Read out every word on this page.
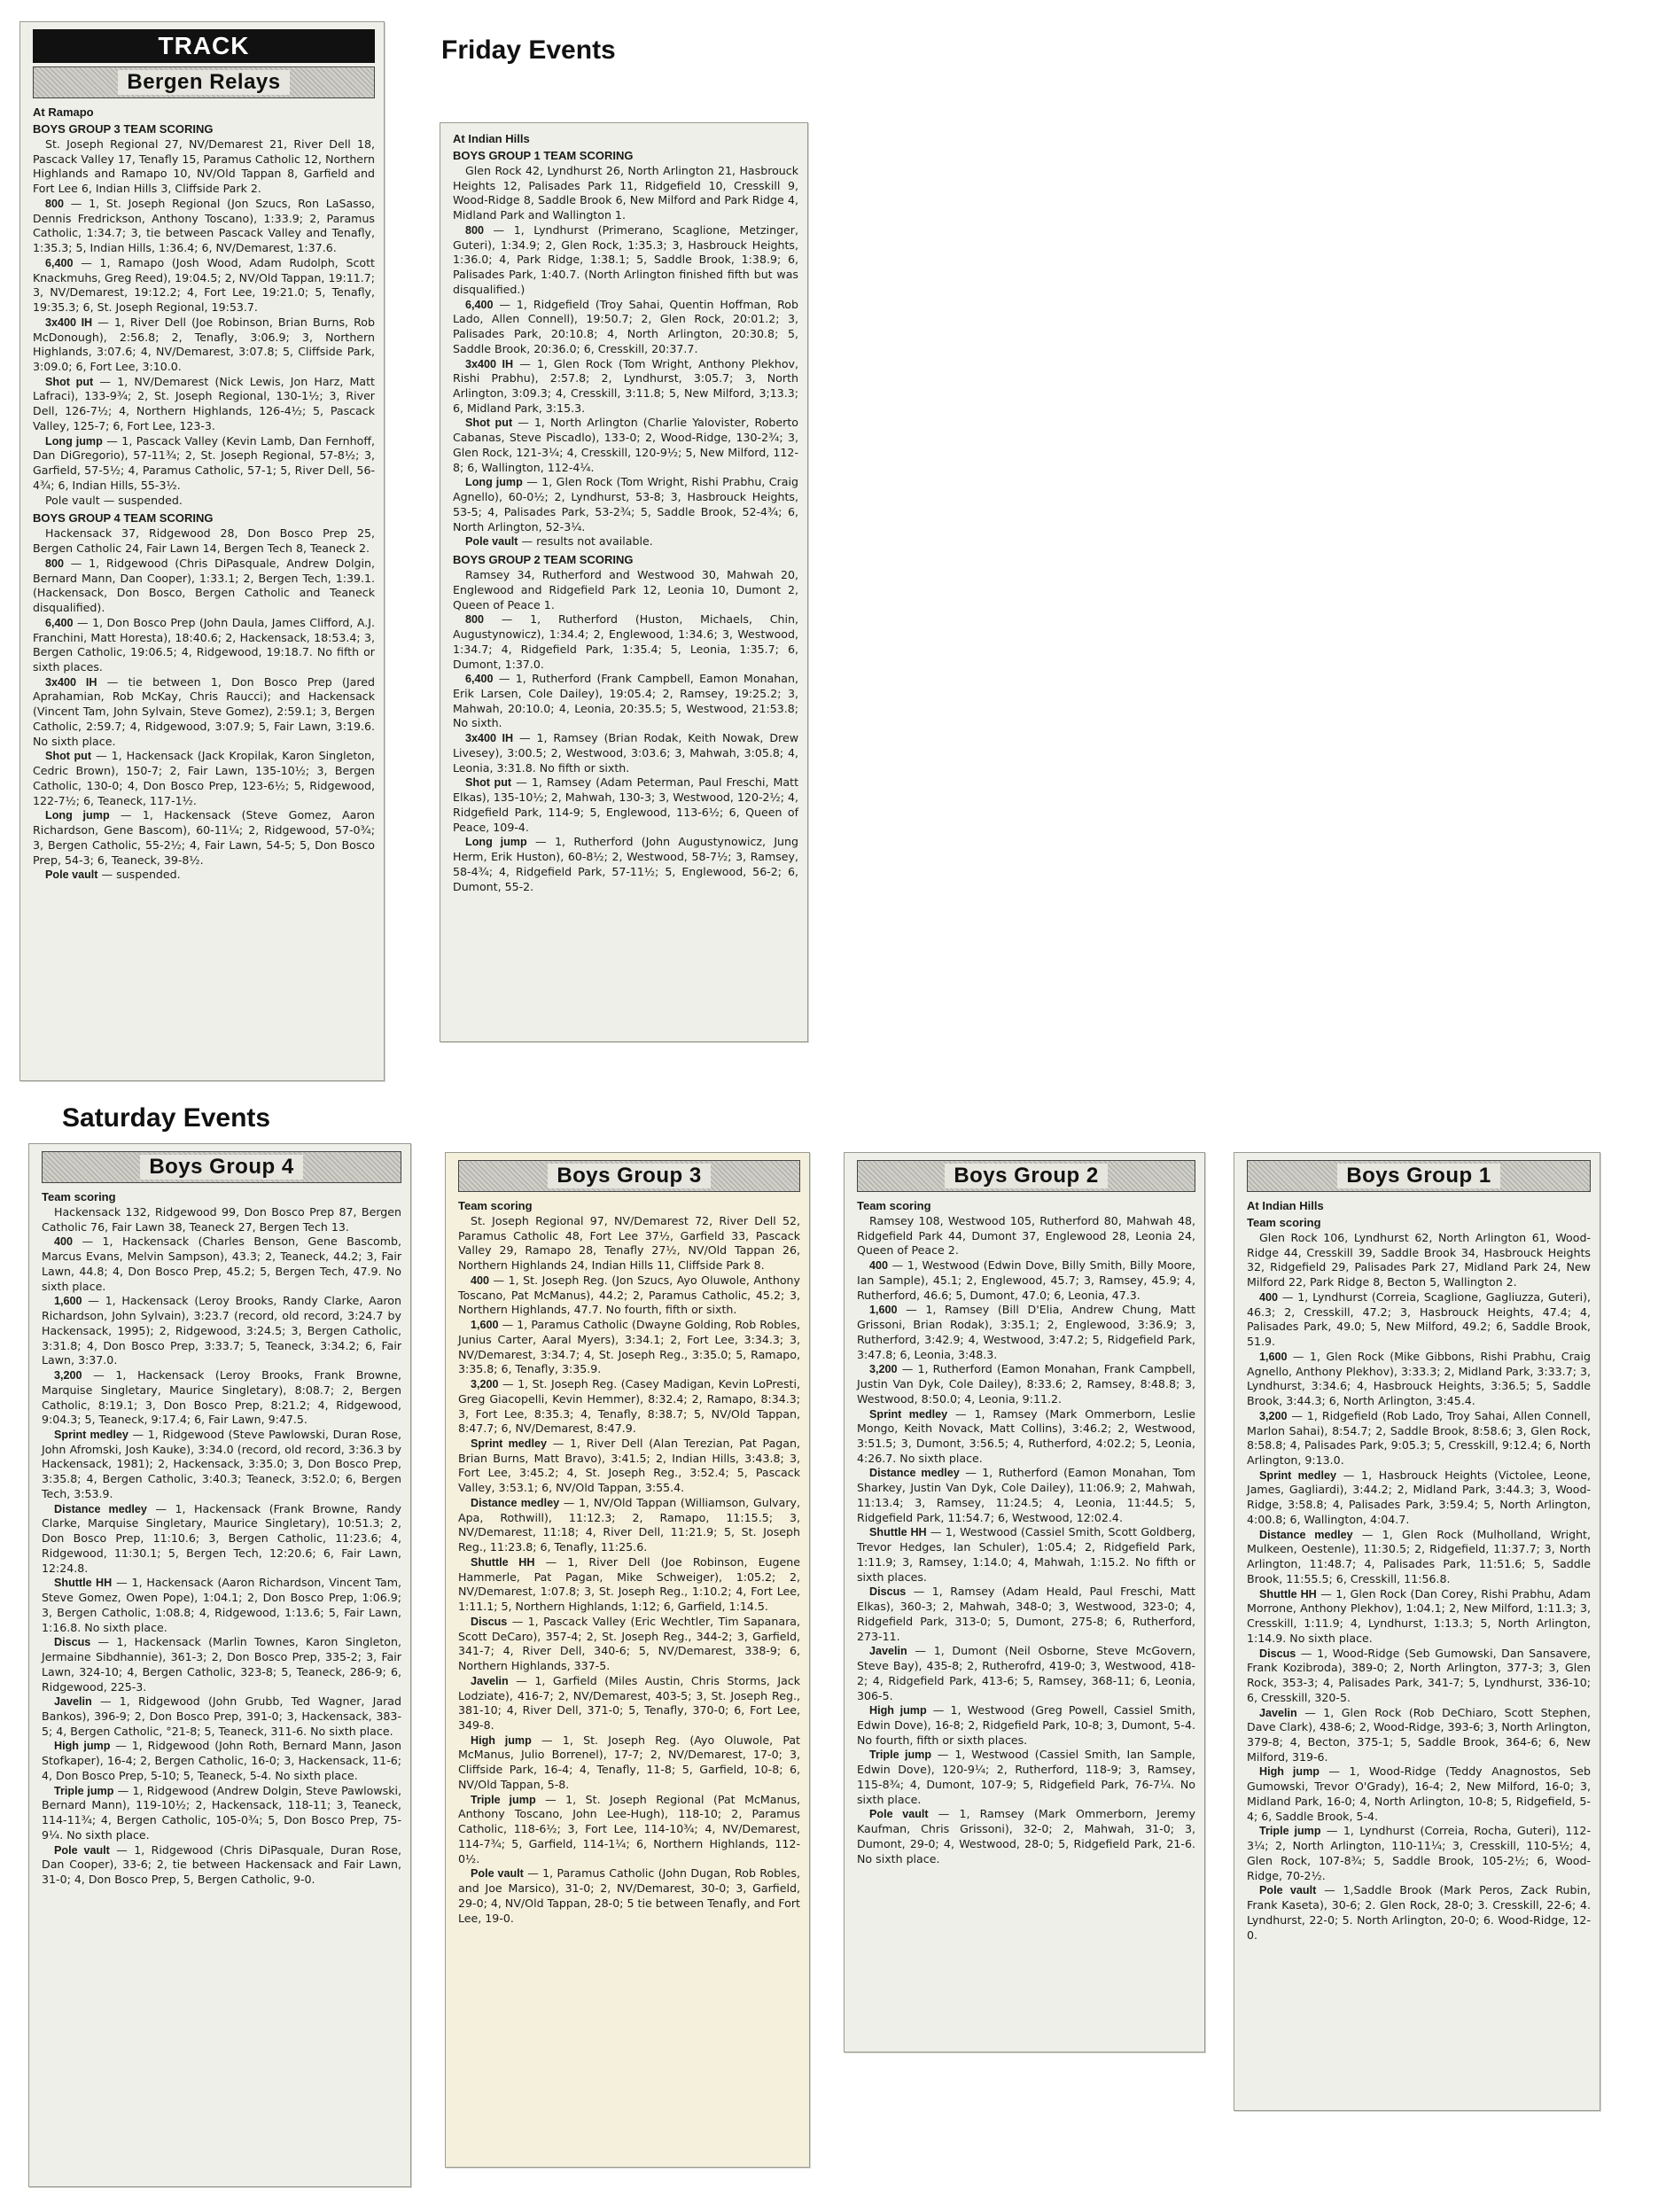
Friday Events
Saturday Events
TRACK
Bergen Relays
At Ramapo
BOYS GROUP 3 TEAM SCORING

St. Joseph Regional 27, NV/Demarest 21, River Dell 18, Pascack Valley 17, Tenafly 15, Paramus Catholic 12, Northern Highlands and Ramapo 10, NV/Old Tappan 8, Garfield and Fort Lee 6, Indian Hills 3, Cliffside Park 2.

800 — 1, St. Joseph Regional (Jon Szucs, Ron LaSasso, Dennis Fredrickson, Anthony Toscano), 1:33.9; 2, Paramus Catholic, 1:34.7; 3, tie between Pascack Valley and Tenafly, 1:35.3; 5, Indian Hills, 1:36.4; 6, NV/Demarest, 1:37.6.

6,400 — 1, Ramapo (Josh Wood, Adam Rudolph, Scott Knackmuhs, Greg Reed), 19:04.5; 2, NV/Old Tappan, 19:11.7; 3, NV/Demarest, 19:12.2; 4, Fort Lee, 19:21.0; 5, Tenafly, 19:35.3; 6, St. Joseph Regional, 19:53.7.

3x400 IH — 1, River Dell (Joe Robinson, Brian Burns, Rob McDonough), 2:56.8; 2, Tenafly, 3:06.9; 3, Northern Highlands, 3:07.6; 4, NV/Demarest, 3:07.8; 5, Cliffside Park, 3:09.0; 6, Fort Lee, 3:10.0.

Shot put — 1, NV/Demarest (Nick Lewis, Jon Harz, Matt Lafraci), 133-9¾; 2, St. Joseph Regional, 130-1½; 3, River Dell, 126-7½; 4, Northern Highlands, 126-4½; 5, Pascack Valley, 125-7; 6, Fort Lee, 123-3.

Long jump — 1, Pascack Valley (Kevin Lamb, Dan Fernhoff, Dan DiGregorio), 57-11¾; 2, St. Joseph Regional, 57-8½; 3, Garfield, 57-5½; 4, Paramus Catholic, 57-1; 5, River Dell, 56-4¾; 6, Indian Hills, 55-3½.

Pole vault — suspended.

BOYS GROUP 4 TEAM SCORING

Hackensack 37, Ridgewood 28, Don Bosco Prep 25, Bergen Catholic 24, Fair Lawn 14, Bergen Tech 8, Teaneck 2.

800 — 1, Ridgewood (Chris DiPasquale, Andrew Dolgin, Bernard Mann, Dan Cooper), 1:33.1; 2, Bergen Tech, 1:39.1. (Hackensack, Don Bosco, Bergen Catholic and Teaneck disqualified).

6,400 — 1, Don Bosco Prep (John Daula, James Clifford, A.J. Franchini, Matt Horesta), 18:40.6; 2, Hackensack, 18:53.4; 3, Bergen Catholic, 19:06.5; 4, Ridgewood, 19:18.7. No fifth or sixth places.

3x400 IH — tie between 1, Don Bosco Prep (Jared Aprahamian, Rob McKay, Chris Raucci); and Hackensack (Vincent Tam, John Sylvain, Steve Gomez), 2:59.1; 3, Bergen Catholic, 2:59.7; 4, Ridgewood, 3:07.9; 5, Fair Lawn, 3:19.6. No sixth place.

Shot put — 1, Hackensack (Jack Kropilak, Karon Singleton, Cedric Brown), 150-7; 2, Fair Lawn, 135-10½; 3, Bergen Catholic, 130-0; 4, Don Bosco Prep, 123-6½; 5, Ridgewood, 122-7½; 6, Teaneck, 117-1½.

Long jump — 1, Hackensack (Steve Gomez, Aaron Richardson, Gene Bascom), 60-11¼; 2, Ridgewood, 57-0¾; 3, Bergen Catholic, 55-2½; 4, Fair Lawn, 54-5; 5, Don Bosco Prep, 54-3; 6, Teaneck, 39-8½.

Pole vault — suspended.

At Indian Hills
BOYS GROUP 1 TEAM SCORING

Glen Rock 42, Lyndhurst 26, North Arlington 21, Hasbrouck Heights 12, Palisades Park 11, Ridgefield 10, Cresskill 9, Wood-Ridge 8, Saddle Brook 6, New Milford and Park Ridge 4, Midland Park and Wallington 1.

800 — 1, Lyndhurst (Primerano, Scaglione, Metzinger, Guteri), 1:34.9; 2, Glen Rock, 1:35.3; 3, Hasbrouck Heights, 1:36.0; 4, Park Ridge, 1:38.1; 5, Saddle Brook, 1:38.9; 6, Palisades Park, 1:40.7. (North Arlington finished fifth but was disqualified.)

6,400 — 1, Ridgefield (Troy Sahai, Quentin Hoffman, Rob Lado, Allen Connell), 19:50.7; 2, Glen Rock, 20:01.2; 3, Palisades Park, 20:10.8; 4, North Arlington, 20:30.8; 5, Saddle Brook, 20:36.0; 6, Cresskill, 20:37.7.

3x400 IH — 1, Glen Rock (Tom Wright, Anthony Plekhov, Rishi Prabhu), 2:57.8; 2, Lyndhurst, 3:05.7; 3, North Arlington, 3:09.3; 4, Cresskill, 3:11.8; 5, New Milford, 3;13.3; 6, Midland Park, 3:15.3.

Shot put — 1, North Arlington (Charlie Yalovister, Roberto Cabanas, Steve Piscadlo), 133-0; 2, Wood-Ridge, 130-2¾; 3, Glen Rock, 121-3¼; 4, Cresskill, 120-9½; 5, New Milford, 112-8; 6, Wallington, 112-4¼.

Long jump — 1, Glen Rock (Tom Wright, Rishi Prabhu, Craig Agnello), 60-0½; 2, Lyndhurst, 53-8; 3, Hasbrouck Heights, 53-5; 4, Palisades Park, 53-2¾; 5, Saddle Brook, 52-4¾; 6, North Arlington, 52-3¼.

Pole vault — results not available.

BOYS GROUP 2 TEAM SCORING

Ramsey 34, Rutherford and Westwood 30, Mahwah 20, Englewood and Ridgefield Park 12, Leonia 10, Dumont 2, Queen of Peace 1.

800 — 1, Rutherford (Huston, Michaels, Chin, Augustynowicz), 1:34.4; 2, Englewood, 1:34.6; 3, Westwood, 1:34.7; 4, Ridgefield Park, 1:35.4; 5, Leonia, 1:35.7; 6, Dumont, 1:37.0.

6,400 — 1, Rutherford (Frank Campbell, Eamon Monahan, Erik Larsen, Cole Dailey), 19:05.4; 2, Ramsey, 19:25.2; 3, Mahwah, 20:10.0; 4, Leonia, 20:35.5; 5, Westwood, 21:53.8; No sixth.

3x400 IH — 1, Ramsey (Brian Rodak, Keith Nowak, Drew Livesey), 3:00.5; 2, Westwood, 3:03.6; 3, Mahwah, 3:05.8; 4, Leonia, 3:31.8. No fifth or sixth.

Shot put — 1, Ramsey (Adam Peterman, Paul Freschi, Matt Elkas), 135-10½; 2, Mahwah, 130-3; 3, Westwood, 120-2½; 4, Ridgefield Park, 114-9; 5, Englewood, 113-6½; 6, Queen of Peace, 109-4.

Long jump — 1, Rutherford (John Augustynowicz, Jung Herm, Erik Huston), 60-8½; 2, Westwood, 58-7½; 3, Ramsey, 58-4¾; 4, Ridgefield Park, 57-11½; 5, Englewood, 56-2; 6, Dumont, 55-2.

Boys Group 4
Team scoring

Hackensack 132, Ridgewood 99, Don Bosco Prep 87, Bergen Catholic 76, Fair Lawn 38, Teaneck 27, Bergen Tech 13.

400 — 1, Hackensack (Charles Benson, Gene Bascomb, Marcus Evans, Melvin Sampson), 43.3; 2, Teaneck, 44.2; 3, Fair Lawn, 44.8; 4, Don Bosco Prep, 45.2; 5, Bergen Tech, 47.9. No sixth place.

1,600 — 1, Hackensack (Leroy Brooks, Randy Clarke, Aaron Richardson, John Sylvain), 3:23.7 (record, old record, 3:24.7 by Hackensack, 1995); 2, Ridgewood, 3:24.5; 3, Bergen Catholic, 3:31.8; 4, Don Bosco Prep, 3:33.7; 5, Teaneck, 3:34.2; 6, Fair Lawn, 3:37.0.

3,200 — 1, Hackensack (Leroy Brooks, Frank Browne, Marquise Singletary, Maurice Singletary), 8:08.7; 2, Bergen Catholic, 8:19.1; 3, Don Bosco Prep, 8:21.2; 4, Ridgewood, 9:04.3; 5, Teaneck, 9:17.4; 6, Fair Lawn, 9:47.5.

Sprint medley — 1, Ridgewood (Steve Pawlowski, Duran Rose, John Afromski, Josh Kauke), 3:34.0 (record, old record, 3:36.3 by Hackensack, 1981); 2, Hackensack, 3:35.0; 3, Don Bosco Prep, 3:35.8; 4, Bergen Catholic, 3:40.3; Teaneck, 3:52.0; 6, Bergen Tech, 3:53.9.

Distance medley — 1, Hackensack (Frank Browne, Randy Clarke, Marquise Singletary, Maurice Singletary), 10:51.3; 2, Don Bosco Prep, 11:10.6; 3, Bergen Catholic, 11:23.6; 4, Ridgewood, 11:30.1; 5, Bergen Tech, 12:20.6; 6, Fair Lawn, 12:24.8.

Shuttle HH — 1, Hackensack (Aaron Richardson, Vincent Tam, Steve Gomez, Owen Pope), 1:04.1; 2, Don Bosco Prep, 1:06.9; 3, Bergen Catholic, 1:08.8; 4, Ridgewood, 1:13.6; 5, Fair Lawn, 1:16.8. No sixth place.

Discus — 1, Hackensack (Marlin Townes, Karon Singleton, Jermaine Sibdhannie), 361-3; 2, Don Bosco Prep, 335-2; 3, Fair Lawn, 324-10; 4, Bergen Catholic, 323-8; 5, Teaneck, 286-9; 6, Ridgewood, 225-3.

Javelin — 1, Ridgewood (John Grubb, Ted Wagner, Jarad Bankos), 396-9; 2, Don Bosco Prep, 391-0; 3, Hackensack, 383-5; 4, Bergen Catholic, °21-8; 5, Teaneck, 311-6. No sixth place.

High jump — 1, Ridgewood (John Roth, Bernard Mann, Jason Stofkaper), 16-4; 2, Bergen Catholic, 16-0; 3, Hackensack, 11-6; 4, Don Bosco Prep, 5-10; 5, Teaneck, 5-4. No sixth place.

Triple jump — 1, Ridgewood (Andrew Dolgin, Steve Pawlowski, Bernard Mann), 119-10½; 2, Hackensack, 118-11; 3, Teaneck, 114-11¾; 4, Bergen Catholic, 105-0¾; 5, Don Bosco Prep, 75-9¼. No sixth place.

Pole vault — 1, Ridgewood (Chris DiPasquale, Duran Rose, Dan Cooper), 33-6; 2, tie between Hackensack and Fair Lawn, 31-0; 4, Don Bosco Prep, 5, Bergen Catholic, 9-0.

Boys Group 3
Team scoring

St. Joseph Regional 97, NV/Demarest 72, River Dell 52, Paramus Catholic 48, Fort Lee 37½, Garfield 33, Pascack Valley 29, Ramapo 28, Tenafly 27½, NV/Old Tappan 26, Northern Highlands 24, Indian Hills 11, Cliffside Park 8.

400 — 1, St. Joseph Reg. (Jon Szucs, Ayo Oluwole, Anthony Toscano, Pat McManus), 44.2; 2, Paramus Catholic, 45.2; 3, Northern Highlands, 47.7. No fourth, fifth or sixth.

1,600 — 1, Paramus Catholic (Dwayne Golding, Rob Robles, Junius Carter, Aaral Myers), 3:34.1; 2, Fort Lee, 3:34.3; 3, NV/Demarest, 3:34.7; 4, St. Joseph Reg., 3:35.0; 5, Ramapo, 3:35.8; 6, Tenafly, 3:35.9.

3,200 — 1, St. Joseph Reg. (Casey Madigan, Kevin LoPresti, Greg Giacopelli, Kevin Hemmer), 8:32.4; 2, Ramapo, 8:34.3; 3, Fort Lee, 8:35.3; 4, Tenafly, 8:38.7; 5, NV/Old Tappan, 8:47.7; 6, NV/Demarest, 8:47.9.

Sprint medley — 1, River Dell (Alan Terezian, Pat Pagan, Brian Burns, Matt Bravo), 3:41.5; 2, Indian Hills, 3:43.8; 3, Fort Lee, 3:45.2; 4, St. Joseph Reg., 3:52.4; 5, Pascack Valley, 3:53.1; 6, NV/Old Tappan, 3:55.4.

Distance medley — 1, NV/Old Tappan (Williamson, Gulvary, Apa, Rothwill), 11:12.3; 2, Ramapo, 11:15.5; 3, NV/Demarest, 11:18; 4, River Dell, 11:21.9; 5, St. Joseph Reg., 11:23.8; 6, Tenafly, 11:25.6.

Shuttle HH — 1, River Dell (Joe Robinson, Eugene Hammerle, Pat Pagan, Mike Schweiger), 1:05.2; 2, NV/Demarest, 1:07.8; 3, St. Joseph Reg., 1:10.2; 4, Fort Lee, 1:11.1; 5, Northern Highlands, 1:12; 6, Garfield, 1:14.5.

Discus — 1, Pascack Valley (Eric Wechtler, Tim Sapanara, Scott DeCaro), 357-4; 2, St. Joseph Reg., 344-2; 3, Garfield, 341-7; 4, River Dell, 340-6; 5, NV/Demarest, 338-9; 6, Northern Highlands, 337-5.

Javelin — 1, Garfield (Miles Austin, Chris Storms, Jack Lodziate), 416-7; 2, NV/Demarest, 403-5; 3, St. Joseph Reg., 381-10; 4, River Dell, 371-0; 5, Tenafly, 370-0; 6, Fort Lee, 349-8.

High jump — 1, St. Joseph Reg. (Ayo Oluwole, Pat McManus, Julio Borrenel), 17-7; 2, NV/Demarest, 17-0; 3, Cliffside Park, 16-4; 4, Tenafly, 11-8; 5, Garfield, 10-8; 6, NV/Old Tappan, 5-8.

Triple jump — 1, St. Joseph Regional (Pat McManus, Anthony Toscano, John Lee-Hugh), 118-10; 2, Paramus Catholic, 118-6½; 3, Fort Lee, 114-10¾; 4, NV/Demarest, 114-7¾; 5, Garfield, 114-1¼; 6, Northern Highlands, 112-0½.

Pole vault — 1, Paramus Catholic (John Dugan, Rob Robles, and Joe Marsico), 31-0; 2, NV/Demarest, 30-0; 3, Garfield, 29-0; 4, NV/Old Tappan, 28-0; 5 tie between Tenafly, and Fort Lee, 19-0.

Boys Group 2
Team scoring

Ramsey 108, Westwood 105, Rutherford 80, Mahwah 48, Ridgefield Park 44, Dumont 37, Englewood 28, Leonia 24, Queen of Peace 2.

400 — 1, Westwood (Edwin Dove, Billy Smith, Billy Moore, Ian Sample), 45.1; 2, Englewood, 45.7; 3, Ramsey, 45.9; 4, Rutherford, 46.6; 5, Dumont, 47.0; 6, Leonia, 47.3.

1,600 — 1, Ramsey (Bill D'Elia, Andrew Chung, Matt Grissoni, Brian Rodak), 3:35.1; 2, Englewood, 3:36.9; 3, Rutherford, 3:42.9; 4, Westwood, 3:47.2; 5, Ridgefield Park, 3:47.8; 6, Leonia, 3:48.3.

3,200 — 1, Rutherford (Eamon Monahan, Frank Campbell, Justin Van Dyk, Cole Dailey), 8:33.6; 2, Ramsey, 8:48.8; 3, Westwood, 8:50.0; 4, Leonia, 9:11.2.

Sprint medley — 1, Ramsey (Mark Ommerborn, Leslie Mongo, Keith Novack, Matt Collins), 3:46.2; 2, Westwood, 3:51.5; 3, Dumont, 3:56.5; 4, Rutherford, 4:02.2; 5, Leonia, 4:26.7. No sixth place.

Distance medley — 1, Rutherford (Eamon Monahan, Tom Sharkey, Justin Van Dyk, Cole Dailey), 11:06.9; 2, Mahwah, 11:13.4; 3, Ramsey, 11:24.5; 4, Leonia, 11:44.5; 5, Ridgefield Park, 11:54.7; 6, Westwood, 12:02.4.

Shuttle HH — 1, Westwood (Cassiel Smith, Scott Goldberg, Trevor Hedges, Ian Schuler), 1:05.4; 2, Ridgefield Park, 1:11.9; 3, Ramsey, 1:14.0; 4, Mahwah, 1:15.2. No fifth or sixth places.

Discus — 1, Ramsey (Adam Heald, Paul Freschi, Matt Elkas), 360-3; 2, Mahwah, 348-0; 3, Westwood, 323-0; 4, Ridgefield Park, 313-0; 5, Dumont, 275-8; 6, Rutherford, 273-11.

Javelin — 1, Dumont (Neil Osborne, Steve McGovern, Steve Bay), 435-8; 2, Rutherofrd, 419-0; 3, Westwood, 418-2; 4, Ridgefield Park, 413-6; 5, Ramsey, 368-11; 6, Leonia, 306-5.

High jump — 1, Westwood (Greg Powell, Cassiel Smith, Edwin Dove), 16-8; 2, Ridgefield Park, 10-8; 3, Dumont, 5-4. No fourth, fifth or sixth places.

Triple jump — 1, Westwood (Cassiel Smith, Ian Sample, Edwin Dove), 120-9¼; 2, Rutherford, 118-9; 3, Ramsey, 115-8¾; 4, Dumont, 107-9; 5, Ridgefield Park, 76-7¼. No sixth place.

Pole vault — 1, Ramsey (Mark Ommerborn, Jeremy Kaufman, Chris Grissoni), 32-0; 2, Mahwah, 31-0; 3, Dumont, 29-0; 4, Westwood, 28-0; 5, Ridgefield Park, 21-6. No sixth place.

Boys Group 1
At Indian Hills
Team scoring

Glen Rock 106, Lyndhurst 62, North Arlington 61, Wood-Ridge 44, Cresskill 39, Saddle Brook 34, Hasbrouck Heights 32, Ridgefield 29, Palisades Park 27, Midland Park 24, New Milford 22, Park Ridge 8, Becton 5, Wallington 2.

400 — 1, Lyndhurst (Correia, Scaglione, Gagliuzza, Guteri), 46.3; 2, Cresskill, 47.2; 3, Hasbrouck Heights, 47.4; 4, Palisades Park, 49.0; 5, New Milford, 49.2; 6, Saddle Brook, 51.9.

1,600 — 1, Glen Rock (Mike Gibbons, Rishi Prabhu, Craig Agnello, Anthony Plekhov), 3:33.3; 2, Midland Park, 3:33.7; 3, Lyndhurst, 3:34.6; 4, Hasbrouck Heights, 3:36.5; 5, Saddle Brook, 3:44.3; 6, North Arlington, 3:45.4.

3,200 — 1, Ridgefield (Rob Lado, Troy Sahai, Allen Connell, Marlon Sahai), 8:54.7; 2, Saddle Brook, 8:58.6; 3, Glen Rock, 8:58.8; 4, Palisades Park, 9:05.3; 5, Cresskill, 9:12.4; 6, North Arlington, 9:13.0.

Sprint medley — 1, Hasbrouck Heights (Victolee, Leone, James, Gagliardi), 3:44.2; 2, Midland Park, 3:44.3; 3, Wood-Ridge, 3:58.8; 4, Palisades Park, 3:59.4; 5, North Arlington, 4:00.8; 6, Wallington, 4:04.7.

Distance medley — 1, Glen Rock (Mulholland, Wright, Mulkeen, Oestenle), 11:30.5; 2, Ridgefield, 11:37.7; 3, North Arlington, 11:48.7; 4, Palisades Park, 11:51.6; 5, Saddle Brook, 11:55.5; 6, Cresskill, 11:56.8.

Shuttle HH — 1, Glen Rock (Dan Corey, Rishi Prabhu, Adam Morrone, Anthony Plekhov), 1:04.1; 2, New Milford, 1:11.3; 3, Cresskill, 1:11.9; 4, Lyndhurst, 1:13.3; 5, North Arlington, 1:14.9. No sixth place.

Discus — 1, Wood-Ridge (Seb Gumowski, Dan Sansavere, Frank Kozibroda), 389-0; 2, North Arlington, 377-3; 3, Glen Rock, 353-3; 4, Palisades Park, 341-7; 5, Lyndhurst, 336-10; 6, Cresskill, 320-5.

Javelin — 1, Glen Rock (Rob DeChiaro, Scott Stephen, Dave Clark), 438-6; 2, Wood-Ridge, 393-6; 3, North Arlington, 379-8; 4, Becton, 375-1; 5, Saddle Brook, 364-6; 6, New Milford, 319-6.

High jump — 1, Wood-Ridge (Teddy Anagnostos, Seb Gumowski, Trevor O'Grady), 16-4; 2, New Milford, 16-0; 3, Midland Park, 16-0; 4, North Arlington, 10-8; 5, Ridgefield, 5-4; 6, Saddle Brook, 5-4.

Triple jump — 1, Lyndhurst (Correia, Rocha, Guteri), 112-3¼; 2, North Arlington, 110-11¼; 3, Cresskill, 110-5½; 4, Glen Rock, 107-8¾; 5, Saddle Brook, 105-2½; 6, Wood-Ridge, 70-2½.

Pole vault — 1,Saddle Brook (Mark Peros, Zack Rubin, Frank Kaseta), 30-6; 2. Glen Rock, 28-0; 3. Cresskill, 22-6; 4. Lyndhurst, 22-0; 5. North Arlington, 20-0; 6. Wood-Ridge, 12-0.
